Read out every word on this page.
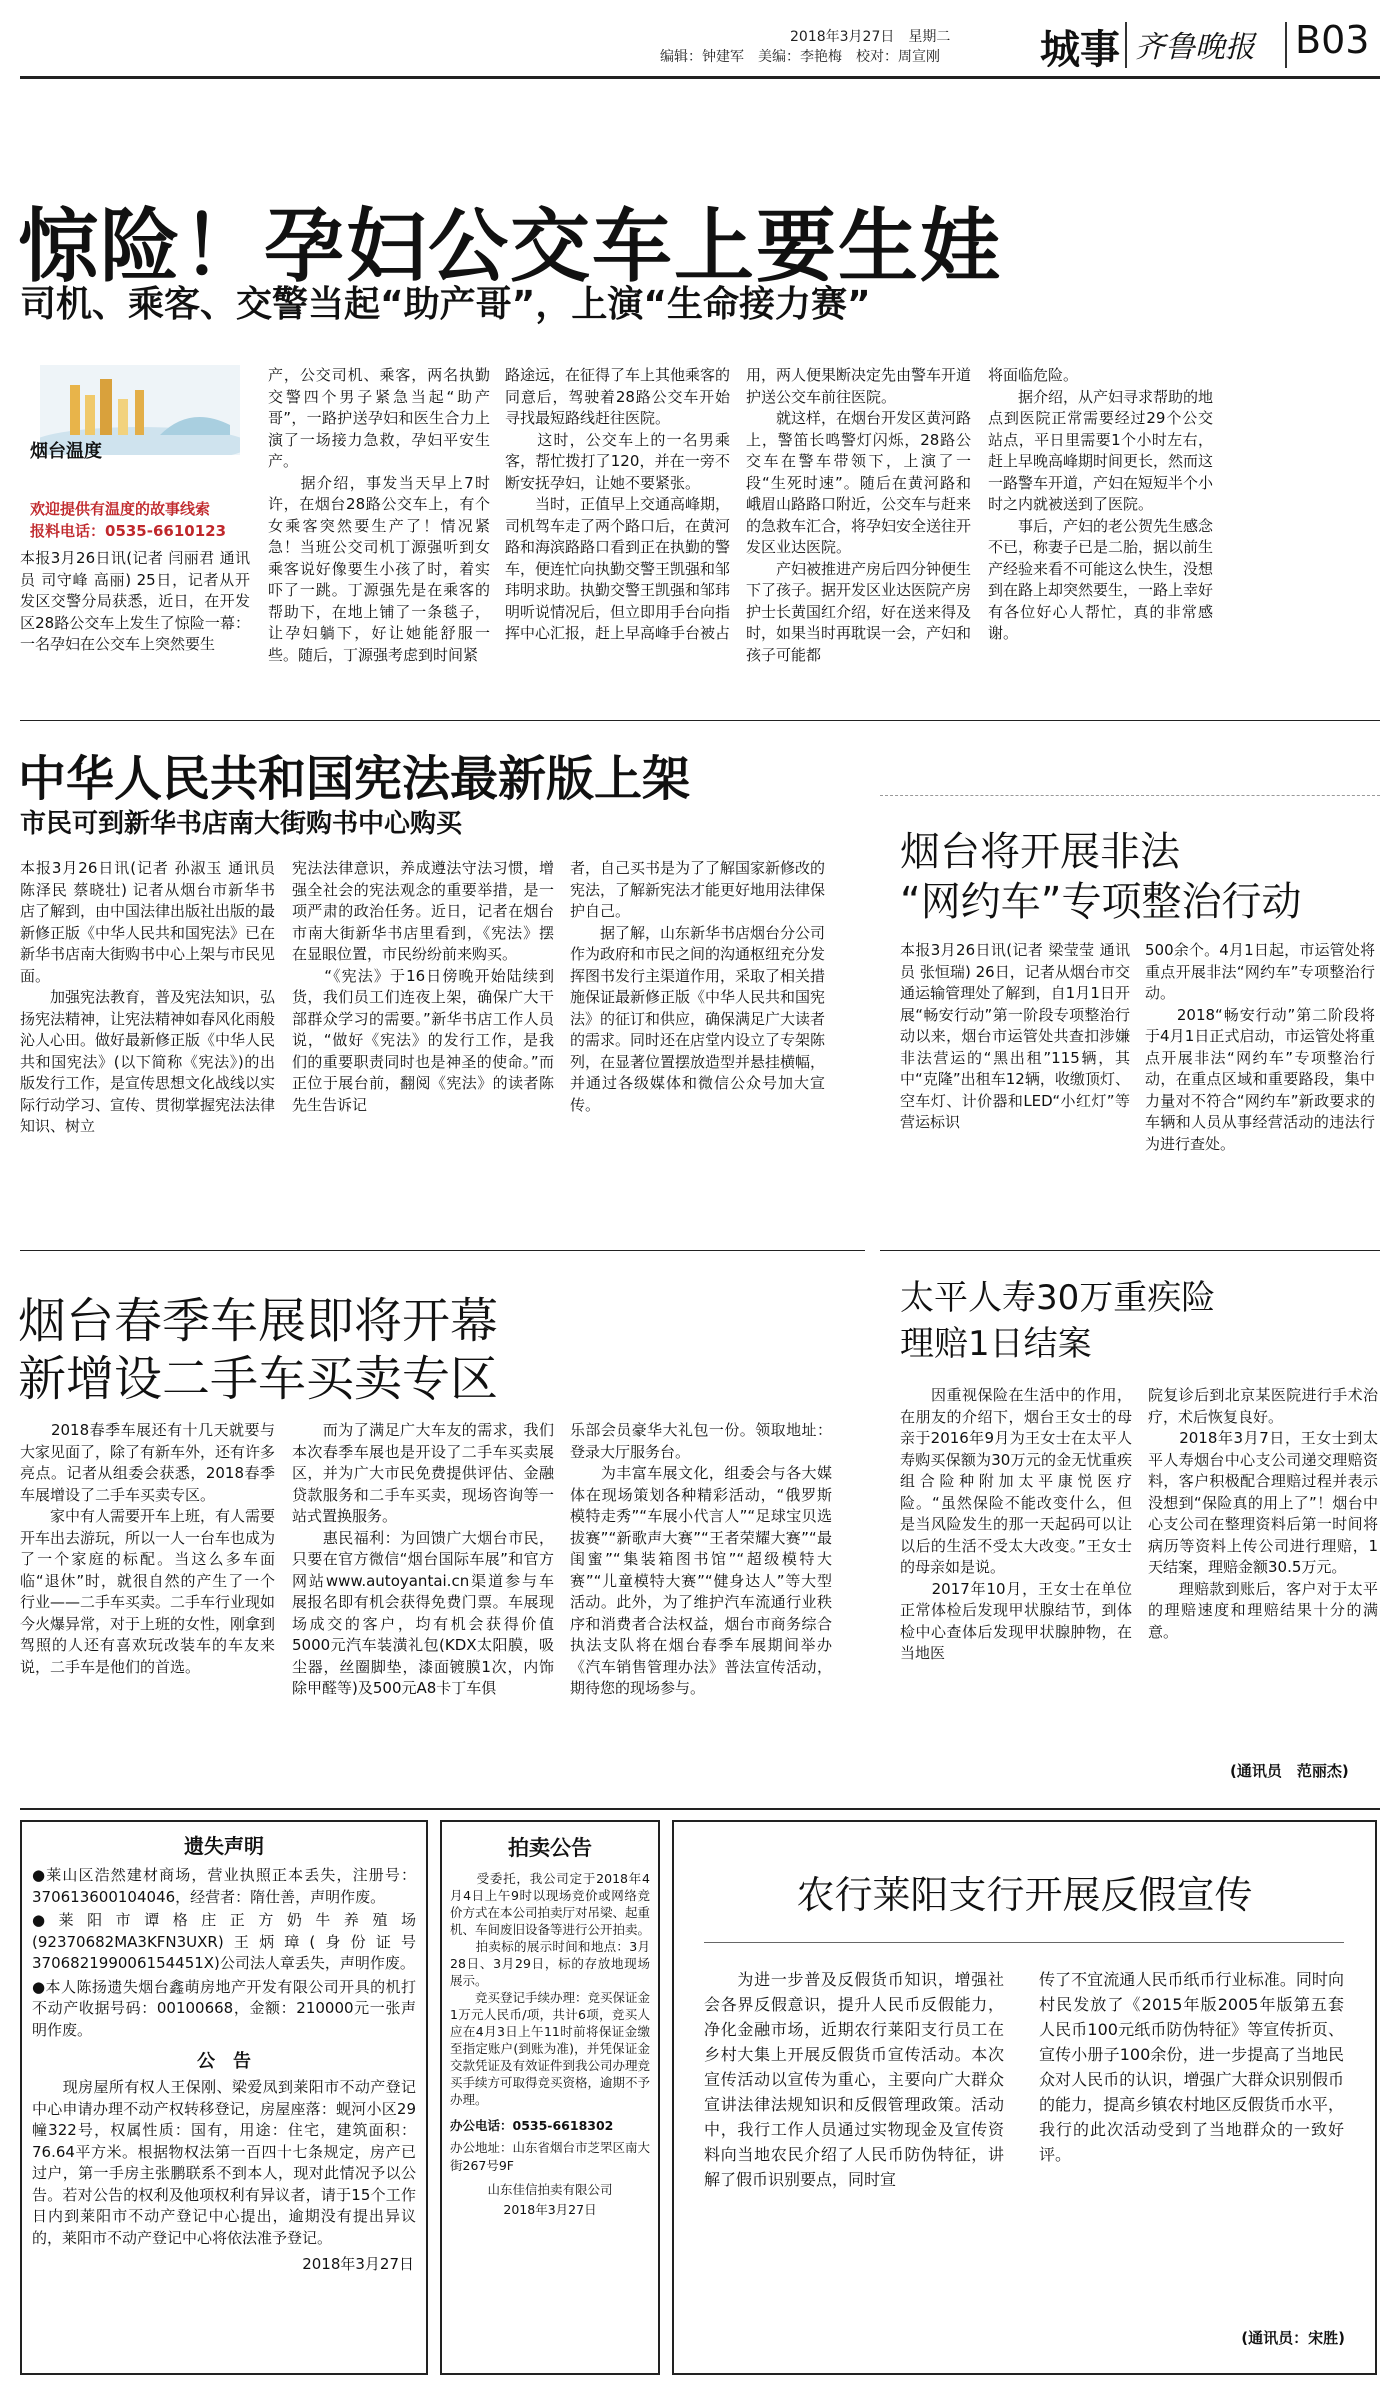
2018年3月27日　星期二
编辑：钟建军　美编：李艳梅　校对：周宣刚	城事 齐鲁晚报 B03
惊险！孕妇公交车上要生娃
司机、乘客、交警当起“助产哥”，上演“生命接力赛”
烟台温度
欢迎提供有温度的故事线索
报料电话：0535-6610123
本报3月26日讯(记者 闫丽君 通讯员 司守峰 高丽) 25日，记者从开发区交警分局获悉，近日，在开发区28路公交车上发生了惊险一幕：一名孕妇在公交车上突然要生
产，公交司机、乘客，两名执勤交警四个男子紧急当起“助产哥”，一路护送孕妇和医生合力上演了一场接力急救，孕妇平安生产。
　　据介绍，事发当天早上7时许，在烟台28路公交车上，有个女乘客突然要生产了！情况紧急！当班公交司机丁源强听到女乘客说好像要生小孩了时，着实吓了一跳。丁源强先是在乘客的帮助下，在地上铺了一条毯子，让孕妇躺下，好让她能舒服一些。随后，丁源强考虑到时间紧
路途远，在征得了车上其他乘客的同意后，驾驶着28路公交车开始寻找最短路线赶往医院。
　　这时，公交车上的一名男乘客，帮忙拨打了120，并在一旁不断安抚孕妇，让她不要紧张。
　　当时，正值早上交通高峰期，司机驾车走了两个路口后，在黄河路和海滨路路口看到正在执勤的警车，便连忙向执勤交警王凯强和邹玮明求助。执勤交警王凯强和邹玮明听说情况后，但立即用手台向指挥中心汇报，赶上早高峰手台被占
用，两人便果断决定先由警车开道护送公交车前往医院。
　　就这样，在烟台开发区黄河路上，警笛长鸣警灯闪烁，28路公交车在警车带领下，上演了一段“生死时速”。随后在黄河路和峨眉山路路口附近，公交车与赶来的急救车汇合，将孕妇安全送往开发区业达医院。
　　产妇被推进产房后四分钟便生下了孩子。据开发区业达医院产房护士长黄国红介绍，好在送来得及时，如果当时再耽误一会，产妇和孩子可能都
将面临危险。
　　据介绍，从产妇寻求帮助的地点到医院正常需要经过29个公交站点，平日里需要1个小时左右，赶上早晚高峰期时间更长，然而这一路警车开道，产妇在短短半个小时之内就被送到了医院。
　　事后，产妇的老公贺先生感念不已，称妻子已是二胎，据以前生产经验来看不可能这么快生，没想到在路上却突然要生，一路上幸好有各位好心人帮忙，真的非常感谢。
中华人民共和国宪法最新版上架
市民可到新华书店南大街购书中心购买
本报3月26日讯(记者 孙淑玉 通讯员 陈泽民 蔡晓壮) 记者从烟台市新华书店了解到，由中国法律出版社出版的最新修正版《中华人民共和国宪法》已在新华书店南大街购书中心上架与市民见面。
　　加强宪法教育，普及宪法知识，弘扬宪法精神，让宪法精神如春风化雨般沁人心田。做好最新修正版《中华人民共和国宪法》(以下简称《宪法》)的出版发行工作，是宣传思想文化战线以实际行动学习、宣传、贯彻掌握宪法法律知识、树立
宪法法律意识，养成遵法守法习惯，增强全社会的宪法观念的重要举措，是一项严肃的政治任务。近日，记者在烟台市南大街新华书店里看到，《宪法》摆在显眼位置，市民纷纷前来购买。
　　“《宪法》于16日傍晚开始陆续到货，我们员工们连夜上架，确保广大干部群众学习的需要。”新华书店工作人员说，“做好《宪法》的发行工作，是我们的重要职责同时也是神圣的使命。”而正位于展台前，翻阅《宪法》的读者陈先生告诉记
者，自己买书是为了了解国家新修改的宪法，了解新宪法才能更好地用法律保护自己。
　　据了解，山东新华书店烟台分公司作为政府和市民之间的沟通枢纽充分发挥图书发行主渠道作用，采取了相关措施保证最新修正版《中华人民共和国宪法》的征订和供应，确保满足广大读者的需求。同时还在店堂内设立了专架陈列，在显著位置摆放造型并悬挂横幅，并通过各级媒体和微信公众号加大宣传。
烟台将开展非法
“网约车”专项整治行动
本报3月26日讯(记者 梁莹莹 通讯员 张恒瑞) 26日，记者从烟台市交通运输管理处了解到，自1月1日开展“畅安行动”第一阶段专项整治行动以来，烟台市运管处共查扣涉嫌非法营运的“黑出租”115辆，其中“克隆”出租车12辆，收缴顶灯、空车灯、计价器和LED“小红灯”等营运标识
500余个。4月1日起，市运管处将重点开展非法“网约车”专项整治行动。
　　2018“畅安行动”第二阶段将于4月1日正式启动，市运管处将重点开展非法“网约车”专项整治行动，在重点区域和重要路段，集中力量对不符合“网约车”新政要求的车辆和人员从事经营活动的违法行为进行查处。
烟台春季车展即将开幕
新增设二手车买卖专区
　　2018春季车展还有十几天就要与大家见面了，除了有新车外，还有许多亮点。记者从组委会获悉，2018春季车展增设了二手车买卖专区。
　　家中有人需要开车上班，有人需要开车出去游玩，所以一人一台车也成为了一个家庭的标配。当这么多车面临“退休”时，就很自然的产生了一个行业——二手车买卖。二手车行业现如今火爆异常，对于上班的女性，刚拿到驾照的人还有喜欢玩改装车的车友来说，二手车是他们的首选。
　　而为了满足广大车友的需求，我们本次春季车展也是开设了二手车买卖展区，并为广大市民免费提供评估、金融贷款服务和二手车买卖，现场咨询等一站式置换服务。
　　惠民福利：为回馈广大烟台市民，只要在官方微信“烟台国际车展”和官方网站www.autoyantai.cn渠道参与车展报名即有机会获得免费门票。车展现场成交的客户，均有机会获得价值5000元汽车装潢礼包(KDX太阳膜，吸尘器，丝圈脚垫，漆面镀膜1次，内饰除甲醛等)及500元A8卡丁车俱
乐部会员豪华大礼包一份。领取地址：登录大厅服务台。
　　为丰富车展文化，组委会与各大媒体在现场策划各种精彩活动，“俄罗斯模特走秀”“车展小代言人”“足球宝贝选拔赛”“新歌声大赛”“王者荣耀大赛”“最闺蜜”“集装箱图书馆”“超级模特大赛”“儿童模特大赛”“健身达人”等大型活动。此外，为了维护汽车流通行业秩序和消费者合法权益，烟台市商务综合执法支队将在烟台春季车展期间举办《汽车销售管理办法》普法宣传活动，期待您的现场参与。
太平人寿30万重疾险
理赔1日结案
　　因重视保险在生活中的作用，在朋友的介绍下，烟台王女士的母亲于2016年9月为王女士在太平人寿购买保额为30万元的金无忧重疾组合险种附加太平康悦医疗险。“虽然保险不能改变什么，但是当风险发生的那一天起码可以让以后的生活不受太大改变。”王女士的母亲如是说。
　　2017年10月，王女士在单位正常体检后发现甲状腺结节，到体检中心查体后发现甲状腺肿物，在当地医
院复诊后到北京某医院进行手术治疗，术后恢复良好。
　　2018年3月7日，王女士到太平人寿烟台中心支公司递交理赔资料，客户积极配合理赔过程并表示没想到“保险真的用上了”！烟台中心支公司在整理资料后第一时间将病历等资料上传公司进行理赔，1天结案，理赔金额30.5万元。
　　理赔款到账后，客户对于太平的理赔速度和理赔结果十分的满意。
(通讯员　范丽杰)
遗失声明
●莱山区浩然建材商场，营业执照正本丢失，注册号：370613600104046，经营者：隋仕善，声明作废。
●莱阳市谭格庄正方奶牛养殖场(92370682MA3KFN3UXR)王炳璋(身份证号370682199006154451X)公司法人章丢失，声明作废。
●本人陈扬遗失烟台鑫萌房地产开发有限公司开具的机打不动产收据号码：00100668，金额：210000元一张声明作废。
公　告
　　现房屋所有权人王保刚、梁爱凤到莱阳市不动产登记中心申请办理不动产权转移登记，房屋座落：蚬河小区29幢322号，权属性质：国有，用途：住宅，建筑面积：76.64平方米。根据物权法第一百四十七条规定，房产已过户，第一手房主张鹏联系不到本人，现对此情况予以公告。若对公告的权利及他项权利有异议者，请于15个工作日内到莱阳市不动产登记中心提出，逾期没有提出异议的，莱阳市不动产登记中心将依法准予登记。
2018年3月27日
拍卖公告
　　受委托，我公司定于2018年4月4日上午9时以现场竞价或网络竞价方式在本公司拍卖厅对吊梁、起重机、车间废旧设备等进行公开拍卖。
　　拍卖标的展示时间和地点：3月28日、3月29日，标的存放地现场展示。
　　竞买登记手续办理：竞买保证金1万元人民币/项，共计6项，竞买人应在4月3日上午11时前将保证金缴至指定账户(到账为准)，并凭保证金交款凭证及有效证件到我公司办理竞买手续方可取得竞买资格，逾期不予办理。
办公电话：0535-6618302
办公地址：山东省烟台市芝罘区南大街267号9F
山东佳信拍卖有限公司
2018年3月27日
农行莱阳支行开展反假宣传
　　为进一步普及反假货币知识，增强社会各界反假意识，提升人民币反假能力，净化金融市场，近期农行莱阳支行员工在乡村大集上开展反假货币宣传活动。本次宣传活动以宣传为重心，主要向广大群众宣讲法律法规知识和反假管理政策。活动中，我行工作人员通过实物现金及宣传资料向当地农民介绍了人民币防伪特征，讲解了假币识别要点，同时宣
传了不宜流通人民币纸币行业标准。同时向村民发放了《2015年版2005年版第五套人民币100元纸币防伪特征》等宣传折页、宣传小册子100余份，进一步提高了当地民众对人民币的认识，增强广大群众识别假币的能力，提高乡镇农村地区反假货币水平，我行的此次活动受到了当地群众的一致好评。
(通讯员：宋胜)
